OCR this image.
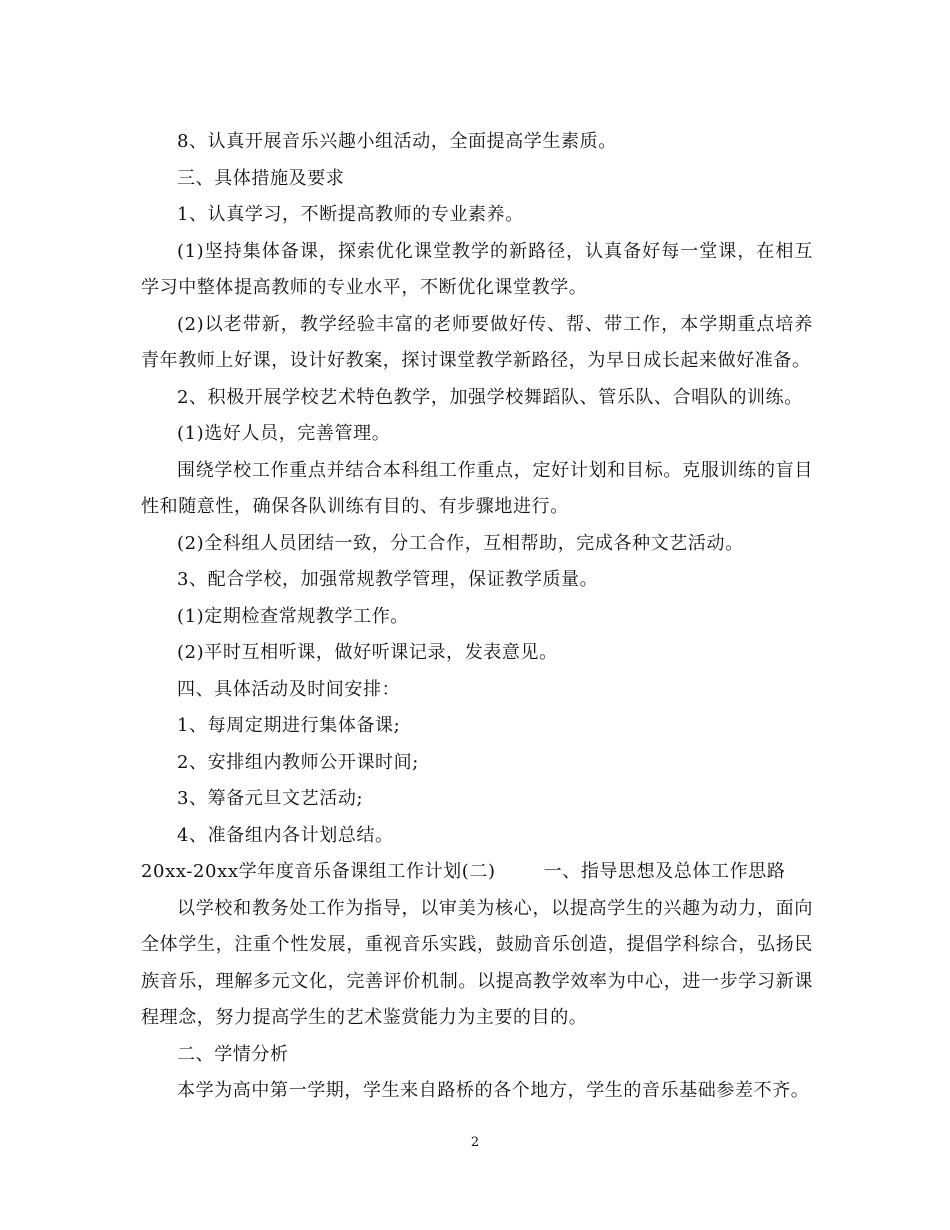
8、认真开展音乐兴趣小组活动，全面提高学生素质。

三、具体措施及要求

1、认真学习，不断提高教师的专业素养。

(1)坚持集体备课，探索优化课堂教学的新路径，认真备好每一堂课，在相互学习中整体提高教师的专业水平，不断优化课堂教学。

(2)以老带新，教学经验丰富的老师要做好传、帮、带工作，本学期重点培养青年教师上好课，设计好教案，探讨课堂教学新路径，为早日成长起来做好准备。

2、积极开展学校艺术特色教学，加强学校舞蹈队、管乐队、合唱队的训练。

(1)选好人员，完善管理。

围绕学校工作重点并结合本科组工作重点，定好计划和目标。克服训练的盲目性和随意性，确保各队训练有目的、有步骤地进行。

(2)全科组人员团结一致，分工合作，互相帮助，完成各种文艺活动。

3、配合学校，加强常规教学管理，保证教学质量。

(1)定期检查常规教学工作。

(2)平时互相听课，做好听课记录，发表意见。

四、具体活动及时间安排：

1、每周定期进行集体备课;

2、安排组内教师公开课时间;

3、筹备元旦文艺活动;

4、准备组内各计划总结。

20xx-20xx学年度音乐备课组工作计划(二)	一、指导思想及总体工作思路

以学校和教务处工作为指导，以审美为核心，以提高学生的兴趣为动力，面向全体学生，注重个性发展，重视音乐实践，鼓励音乐创造，提倡学科综合，弘扬民族音乐，理解多元文化，完善评价机制。以提高教学效率为中心，进一步学习新课程理念，努力提高学生的艺术鉴赏能力为主要的目的。

二、学情分析

本学为高中第一学期，学生来自路桥的各个地方，学生的音乐基础参差不齐。

2
